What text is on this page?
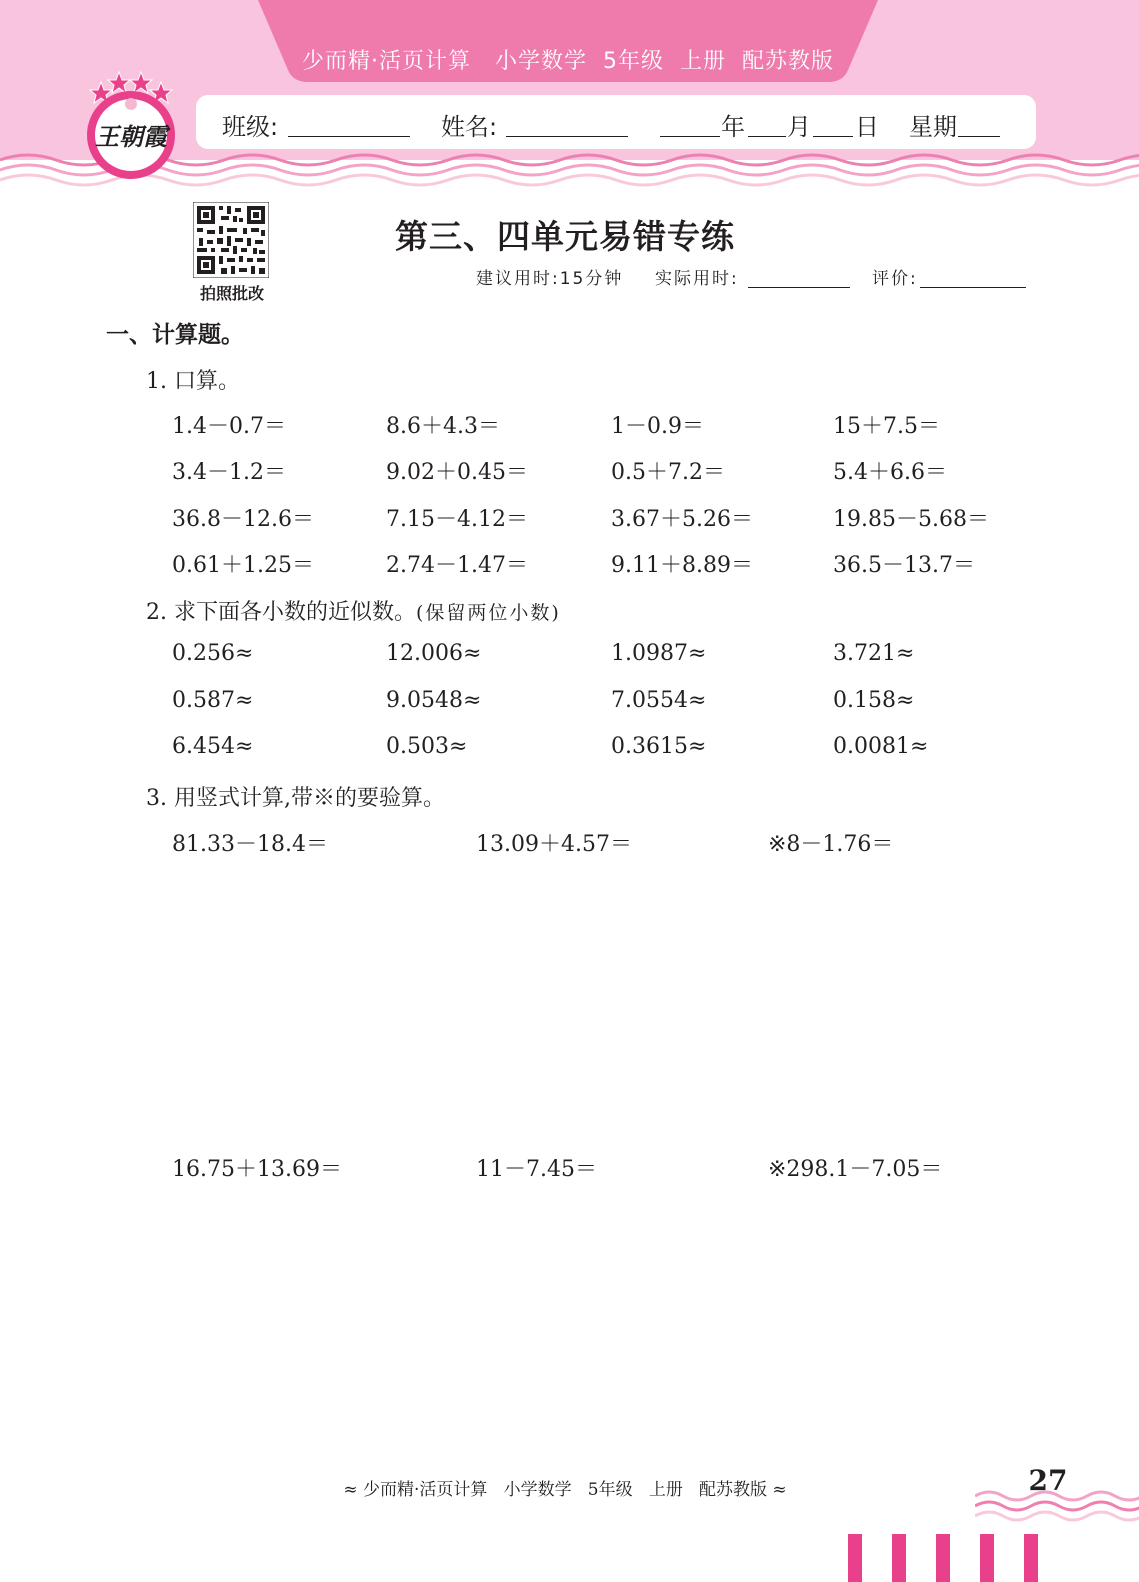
少而精·活页计算   小学数学  5年级  上册  配苏教版
王朝霞 班级:	姓名:	年 月 日 星期
拍照批改
第三、四单元易错专练
建议用时:15分钟 实际用时:	评价:
一、计算题。
1. 口算。
1.4－0.7＝	8.6＋4.3＝	1－0.9＝	15＋7.5＝
3.4－1.2＝	9.02＋0.45＝	0.5＋7.2＝	5.4＋6.6＝
36.8－12.6＝	7.15－4.12＝	3.67＋5.26＝	19.85－5.68＝
0.61＋1.25＝	2.74－1.47＝	9.11＋8.89＝	36.5－13.7＝
2. 求下面各小数的近似数。(保留两位小数)
0.256≈	12.006≈	1.0987≈	3.721≈
0.587≈	9.0548≈	7.0554≈	0.158≈
6.454≈	0.503≈	0.3615≈	0.0081≈
3. 用竖式计算,带※的要验算。
81.33－18.4＝	13.09＋4.57＝	※8－1.76＝
16.75＋13.69＝	11－7.45＝	※298.1－7.05＝
≈ 少而精·活页计算   小学数学   5年级   上册   配苏教版 ≈	27
